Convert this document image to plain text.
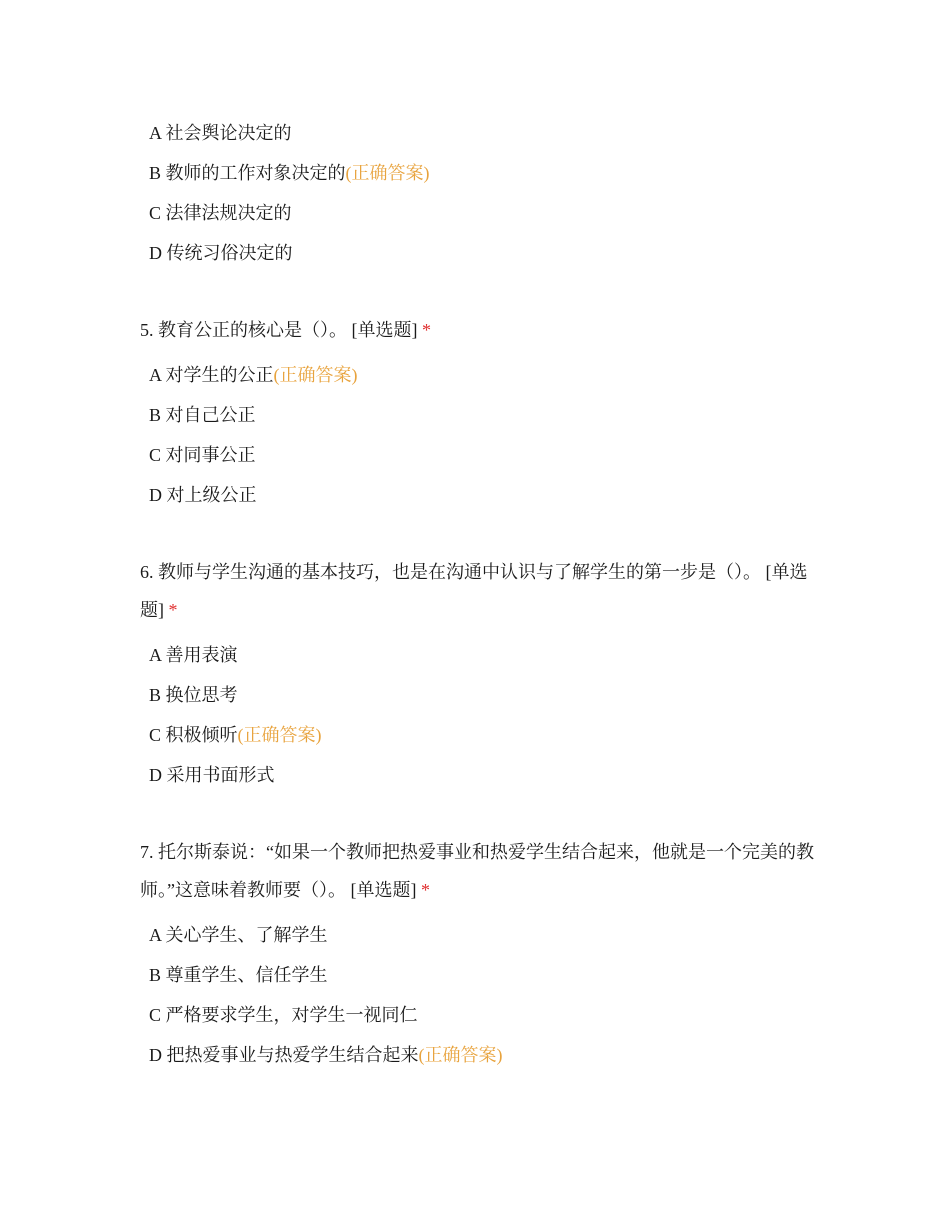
A 社会舆论决定的
B 教师的工作对象决定的(正确答案)
C 法律法规决定的
D 传统习俗决定的
5. 教育公正的核心是（）。 [单选题] *
A 对学生的公正(正确答案)
B 对自己公正
C 对同事公正
D 对上级公正
6. 教师与学生沟通的基本技巧，也是在沟通中认识与了解学生的第一步是（）。 [单选题] *
A 善用表演
B 换位思考
C 积极倾听(正确答案)
D 采用书面形式
7. 托尔斯泰说：“如果一个教师把热爱事业和热爱学生结合起来，他就是一个完美的教师。”这意味着教师要（）。 [单选题] *
A 关心学生、了解学生
B 尊重学生、信任学生
C 严格要求学生，对学生一视同仁
D 把热爱事业与热爱学生结合起来(正确答案)
